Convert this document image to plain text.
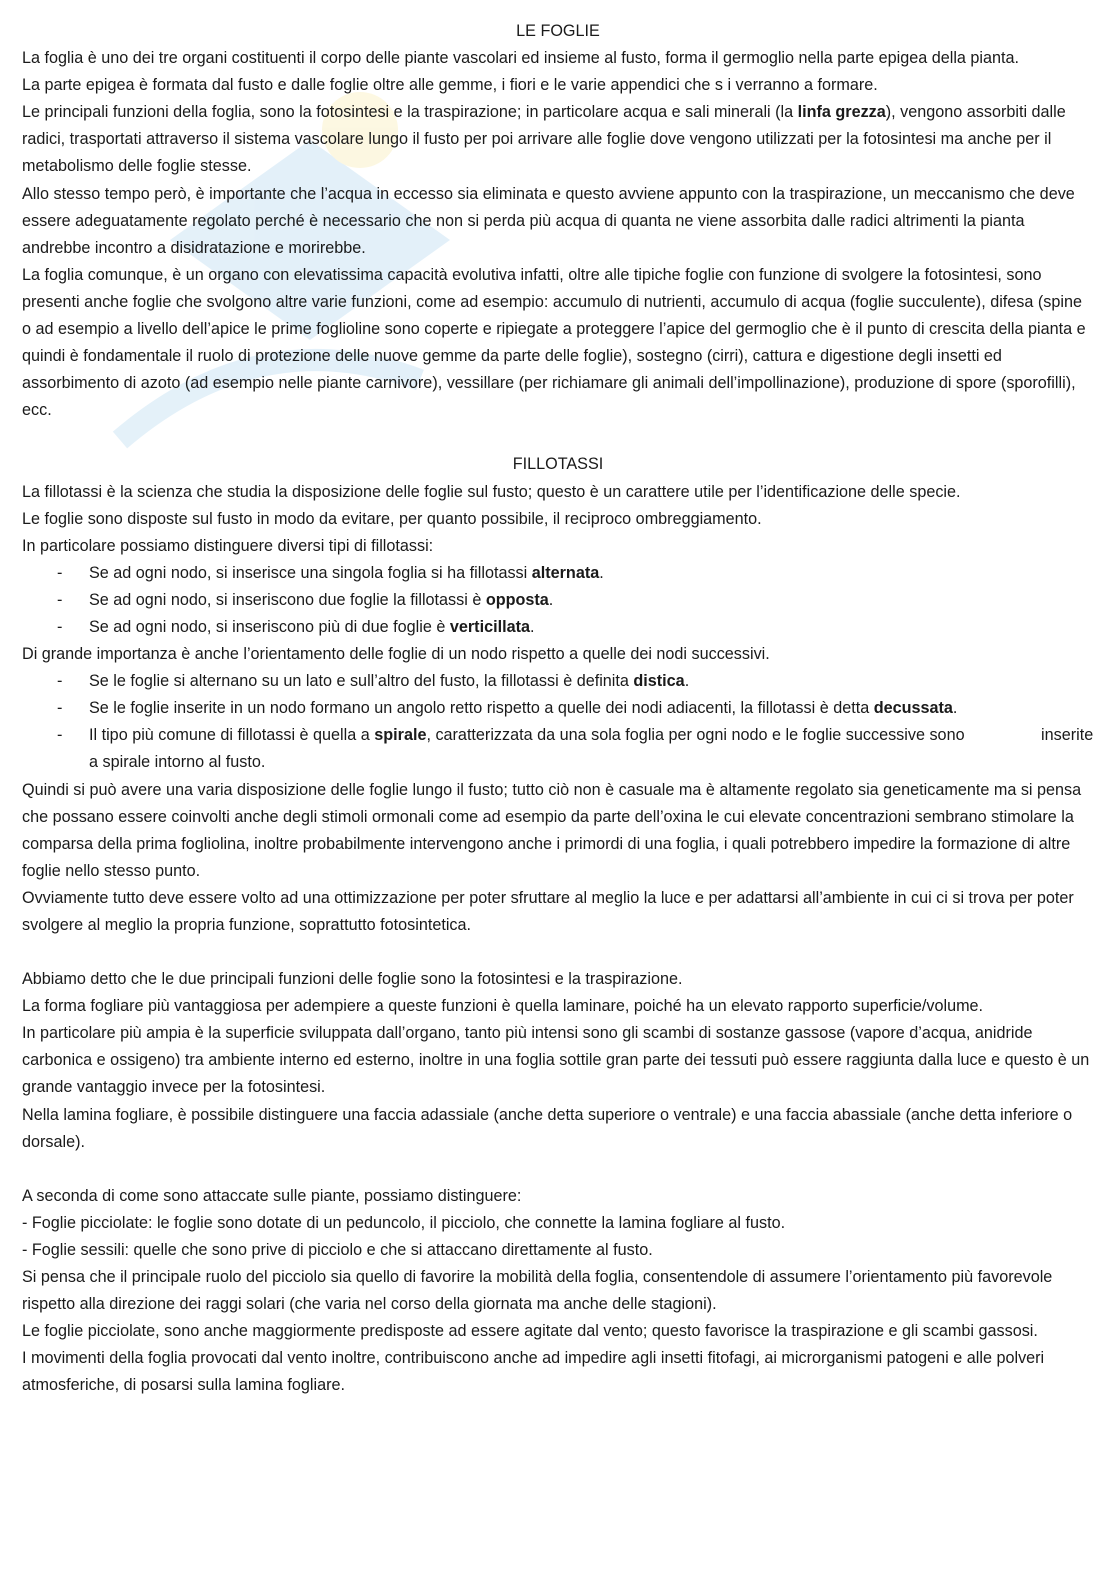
LE FOGLIE

La foglia è uno dei tre organi costituenti il corpo delle piante vascolari ed insieme al fusto, forma il germoglio nella parte epigea della pianta.

La parte epigea è formata dal fusto e dalle foglie oltre alle gemme, i fiori e le varie appendici che s i verranno a formare.

Le principali funzioni della foglia, sono la fotosintesi e la traspirazione; in particolare acqua e sali minerali (la linfa grezza), vengono assorbiti dalle radici, trasportati attraverso il sistema vascolare lungo il fusto per poi arrivare alle foglie dove vengono utilizzati per la fotosintesi ma anche per il metabolismo delle foglie stesse.

Allo stesso tempo però, è importante che l’acqua in eccesso sia eliminata e questo avviene appunto con la traspirazione, un meccanismo che deve essere adeguatamente regolato perché è necessario che non si perda più acqua di quanta ne viene assorbita dalle radici altrimenti la pianta andrebbe incontro a disidratazione e morirebbe.

La foglia comunque, è un organo con elevatissima capacità evolutiva infatti, oltre alle tipiche foglie con funzione di svolgere la fotosintesi, sono presenti anche foglie che svolgono altre varie funzioni, come ad esempio: accumulo di nutrienti, accumulo di acqua (foglie succulente), difesa (spine o ad esempio a livello dell’apice le prime foglioline sono coperte e ripiegate a proteggere l’apice del germoglio che è il punto di crescita della pianta e quindi è fondamentale il ruolo di protezione delle nuove gemme da parte delle foglie), sostegno (cirri), cattura e digestione degli insetti ed assorbimento di azoto (ad esempio nelle piante carnivore), vessillare (per richiamare gli animali dell’impollinazione), produzione di spore (sporofilli), ecc.

FILLOTASSI

La fillotassi è la scienza che studia la disposizione delle foglie sul fusto; questo è un carattere utile per l’identificazione delle specie.

Le foglie sono disposte sul fusto in modo da evitare, per quanto possibile, il reciproco ombreggiamento.

In particolare possiamo distinguere diversi tipi di fillotassi:

- Se ad ogni nodo, si inserisce una singola foglia si ha fillotassi alternata.
- Se ad ogni nodo, si inseriscono due foglie la fillotassi è opposta.
- Se ad ogni nodo, si inseriscono più di due foglie è verticillata.

Di grande importanza è anche l’orientamento delle foglie di un nodo rispetto a quelle dei nodi successivi.

- Se le foglie si alternano su un lato e sull’altro del fusto, la fillotassi è definita distica.
- Se le foglie inserite in un nodo formano un angolo retto rispetto a quelle dei nodi adiacenti, la fillotassi è detta decussata.
- Il tipo più comune di fillotassi è quella a spirale, caratterizzata da una sola foglia per ogni nodo e le foglie successive sono                 inserite a spirale intorno al fusto.

Quindi si può avere una varia disposizione delle foglie lungo il fusto; tutto ciò non è casuale ma è altamente regolato sia geneticamente ma si pensa che possano essere coinvolti anche degli stimoli ormonali come ad esempio da parte dell’oxina le cui elevate concentrazioni sembrano stimolare la comparsa della prima fogliolina, inoltre probabilmente intervengono anche i primordi di una foglia, i quali potrebbero impedire la formazione di altre foglie nello stesso punto.

Ovviamente tutto deve essere volto ad una ottimizzazione per poter sfruttare al meglio la luce e per adattarsi all’ambiente in cui ci si trova per poter svolgere al meglio la propria funzione, soprattutto fotosintetica.

Abbiamo detto che le due principali funzioni delle foglie sono la fotosintesi e la traspirazione.

La forma fogliare più vantaggiosa per adempiere a queste funzioni è quella laminare, poiché ha un elevato rapporto superficie/volume.

In particolare più ampia è la superficie sviluppata dall’organo, tanto più intensi sono gli scambi di sostanze gassose (vapore d’acqua, anidride carbonica e ossigeno) tra ambiente interno ed esterno, inoltre in una foglia sottile gran parte dei tessuti può essere raggiunta dalla luce e questo è un grande vantaggio invece per la fotosintesi.

Nella lamina fogliare, è possibile distinguere una faccia adassiale (anche detta superiore o ventrale) e una faccia abassiale (anche detta inferiore o dorsale).

A seconda di come sono attaccate sulle piante, possiamo distinguere:

- Foglie picciolate: le foglie sono dotate di un peduncolo, il picciolo, che connette la lamina fogliare al fusto.

- Foglie sessili: quelle che sono prive di picciolo e che si attaccano direttamente al fusto.

Si pensa che il principale ruolo del picciolo sia quello di favorire la mobilità della foglia, consentendole di assumere l’orientamento più favorevole rispetto alla direzione dei raggi solari (che varia nel corso della giornata ma anche delle stagioni).

Le foglie picciolate, sono anche maggiormente predisposte ad essere agitate dal vento; questo favorisce la traspirazione e gli scambi gassosi.

I movimenti della foglia provocati dal vento inoltre, contribuiscono anche ad impedire agli insetti fitofagi, ai microrganismi patogeni e alle polveri atmosferiche, di posarsi sulla lamina fogliare.
